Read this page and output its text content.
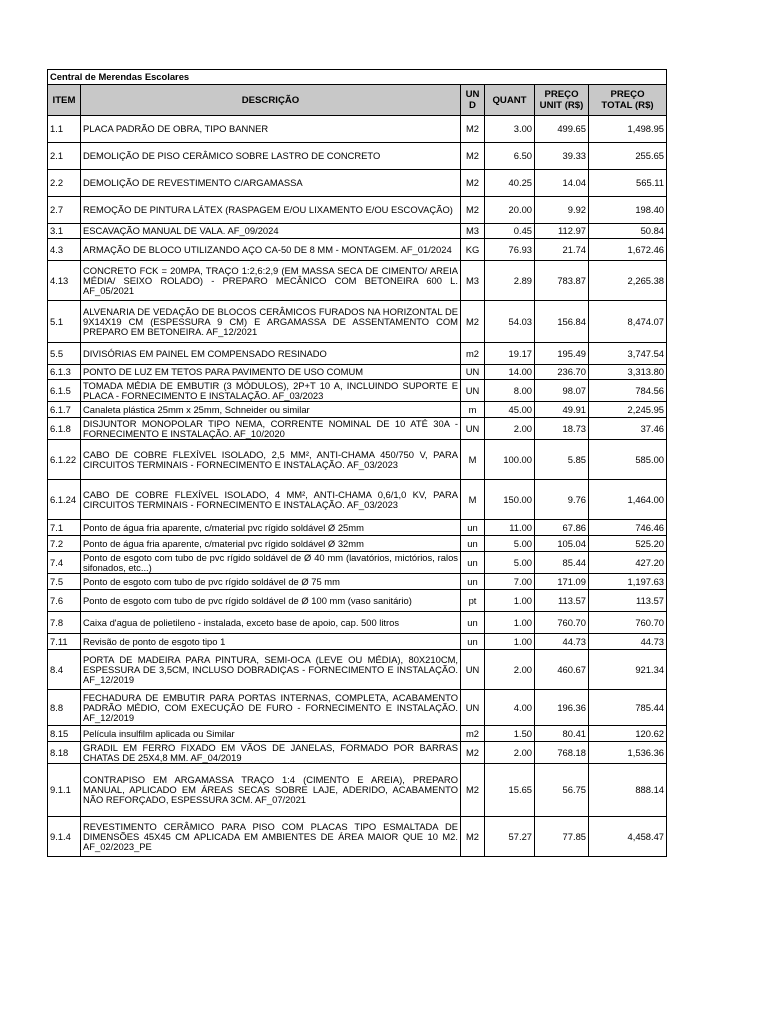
Central de Merendas Escolares					
ITEM	DESCRIÇÃO	UN D	QUANT	PREÇO UNIT (R$)	PREÇO TOTAL (R$)
1.1	PLACA PADRÃO DE OBRA, TIPO BANNER	M2	3.00	499.65	1,498.95
2.1	DEMOLIÇÃO DE PISO CERÂMICO SOBRE LASTRO DE CONCRETO	M2	6.50	39.33	255.65
2.2	DEMOLIÇÃO DE REVESTIMENTO C/ARGAMASSA	M2	40.25	14.04	565.11
2.7	REMOÇÃO DE PINTURA LÁTEX (RASPAGEM E/OU LIXAMENTO E/OU ESCOVAÇÃO)	M2	20.00	9.92	198.40
3.1	ESCAVAÇÃO MANUAL DE VALA. AF_09/2024	M3	0.45	112.97	50.84
4.3	ARMAÇÃO DE BLOCO UTILIZANDO AÇO CA-50 DE 8 MM - MONTAGEM. AF_01/2024	KG	76.93	21.74	1,672.46
4.13	CONCRETO FCK = 20MPA, TRAÇO 1:2,6:2,9 (EM MASSA SECA DE CIMENTO/ AREIA MÉDIA/ SEIXO ROLADO) - PREPARO MECÂNICO COM BETONEIRA 600 L. AF_05/2021	M3	2.89	783.87	2,265.38
5.1	ALVENARIA DE VEDAÇÃO DE BLOCOS CERÂMICOS FURADOS NA HORIZONTAL DE 9X14X19 CM (ESPESSURA 9 CM) E ARGAMASSA DE ASSENTAMENTO COM PREPARO EM BETONEIRA. AF_12/2021	M2	54.03	156.84	8,474.07
5.5	DIVISÓRIAS EM PAINEL EM COMPENSADO RESINADO	m2	19.17	195.49	3,747.54
6.1.3	PONTO DE LUZ EM TETOS PARA PAVIMENTO DE USO COMUM	UN	14.00	236.70	3,313.80
6.1.5	TOMADA MÉDIA DE EMBUTIR (3 MÓDULOS), 2P+T 10 A, INCLUINDO SUPORTE E PLACA - FORNECIMENTO E INSTALAÇÃO. AF_03/2023	UN	8.00	98.07	784.56
6.1.7	Canaleta plástica 25mm x 25mm, Schneider ou similar	m	45.00	49.91	2,245.95
6.1.8	DISJUNTOR MONOPOLAR TIPO NEMA, CORRENTE NOMINAL DE 10 ATÉ 30A - FORNECIMENTO E INSTALAÇÃO. AF_10/2020	UN	2.00	18.73	37.46
6.1.22	CABO DE COBRE FLEXÍVEL ISOLADO, 2,5 MM², ANTI-CHAMA 450/750 V, PARA CIRCUITOS TERMINAIS - FORNECIMENTO E INSTALAÇÃO. AF_03/2023	M	100.00	5.85	585.00
6.1.24	CABO DE COBRE FLEXÍVEL ISOLADO, 4 MM², ANTI-CHAMA 0,6/1,0 KV, PARA CIRCUITOS TERMINAIS - FORNECIMENTO E INSTALAÇÃO. AF_03/2023	M	150.00	9.76	1,464.00
7.1	Ponto de água fria aparente, c/material pvc rígido soldável Ø 25mm	un	11.00	67.86	746.46
7.2	Ponto de água fria aparente, c/material pvc rígido soldável Ø 32mm	un	5.00	105.04	525.20
7.4	Ponto de esgoto com tubo de pvc rígido soldável de Ø 40 mm (lavatórios, mictórios, ralos sifonados, etc...)	un	5.00	85.44	427.20
7.5	Ponto de esgoto com tubo de pvc rígido soldável de Ø 75 mm	un	7.00	171.09	1,197.63
7.6	Ponto de esgoto com tubo de pvc rígido soldável de Ø 100 mm (vaso sanitário)	pt	1.00	113.57	113.57
7.8	Caixa d'agua de polietileno - instalada, exceto base de apoio, cap. 500 litros	un	1.00	760.70	760.70
7.11	Revisão de ponto de esgoto tipo 1	un	1.00	44.73	44.73
8.4	PORTA DE MADEIRA PARA PINTURA, SEMI-OCA (LEVE OU MÉDIA), 80X210CM, ESPESSURA DE 3,5CM, INCLUSO DOBRADIÇAS - FORNECIMENTO E INSTALAÇÃO. AF_12/2019	UN	2.00	460.67	921.34
8.8	FECHADURA DE EMBUTIR PARA PORTAS INTERNAS, COMPLETA, ACABAMENTO PADRÃO MÉDIO, COM EXECUÇÃO DE FURO - FORNECIMENTO E INSTALAÇÃO. AF_12/2019	UN	4.00	196.36	785.44
8.15	Película insulfilm aplicada ou Similar	m2	1.50	80.41	120.62
8.18	GRADIL EM FERRO FIXADO EM VÃOS DE JANELAS, FORMADO POR BARRAS CHATAS DE 25X4,8 MM. AF_04/2019	M2	2.00	768.18	1,536.36
9.1.1	CONTRAPISO EM ARGAMASSA TRAÇO 1:4 (CIMENTO E AREIA), PREPARO MANUAL, APLICADO EM ÁREAS SECAS SOBRE LAJE, ADERIDO, ACABAMENTO NÃO REFORÇADO, ESPESSURA 3CM. AF_07/2021	M2	15.65	56.75	888.14
9.1.4	REVESTIMENTO CERÂMICO PARA PISO COM PLACAS TIPO ESMALTADA DE DIMENSÕES 45X45 CM APLICADA EM AMBIENTES DE ÁREA MAIOR QUE 10 M2. AF_02/2023_PE	M2	57.27	77.85	4,458.47
